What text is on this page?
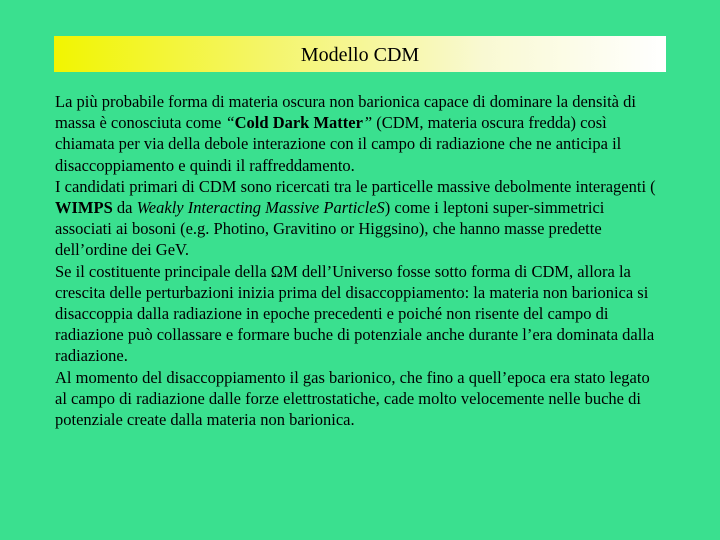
Modello CDM

La più probabile forma di materia oscura non barionica capace di dominare la densità di massa è conosciuta come “Cold Dark Matter” (CDM, materia oscura fredda) così chiamata per via della debole interazione con il campo di radiazione che ne anticipa il disaccoppiamento e quindi il raffreddamento.

I candidati primari di CDM sono ricercati tra le particelle massive debolmente interagenti ( WIMPS da Weakly Interacting Massive ParticleS) come i leptoni super-simmetrici associati ai bosoni (e.g. Photino, Gravitino or Higgsino), che hanno masse predette dell’ordine dei GeV.

Se il costituente principale della ΩM dell’Universo fosse sotto forma di CDM, allora la crescita delle perturbazioni inizia prima del disaccoppiamento: la materia non barionica si disaccoppia dalla radiazione in epoche precedenti e poiché non risente del campo di radiazione può collassare e formare buche di potenziale anche durante l’era dominata dalla radiazione.

Al momento del disaccoppiamento il gas barionico, che fino a quell’epoca era stato legato al campo di radiazione dalle forze elettrostatiche, cade molto velocemente nelle buche di potenziale create dalla materia non barionica.
